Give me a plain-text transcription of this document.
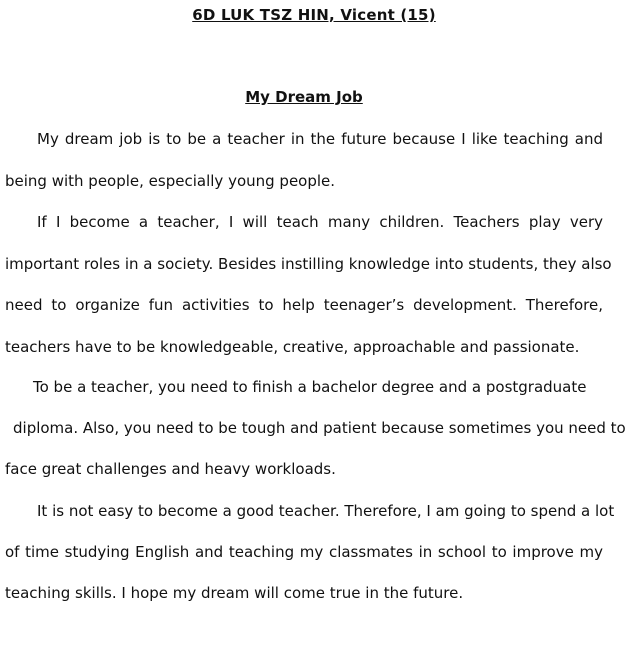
6D LUK TSZ HIN, Vicent (15)
My Dream Job
My dream job is to be a teacher in the future because I like teaching and
being with people, especially young people.
If I become a teacher, I will teach many children. Teachers play very
important roles in a society. Besides instilling knowledge into students, they also
need to organize fun activities to help teenager’s development. Therefore,
teachers have to be knowledgeable, creative, approachable and passionate.
To be a teacher, you need to finish a bachelor degree and a postgraduate
diploma. Also, you need to be tough and patient because sometimes you need to
face great challenges and heavy workloads.
It is not easy to become a good teacher. Therefore, I am going to spend a lot
of time studying English and teaching my classmates in school to improve my
teaching skills. I hope my dream will come true in the future.
